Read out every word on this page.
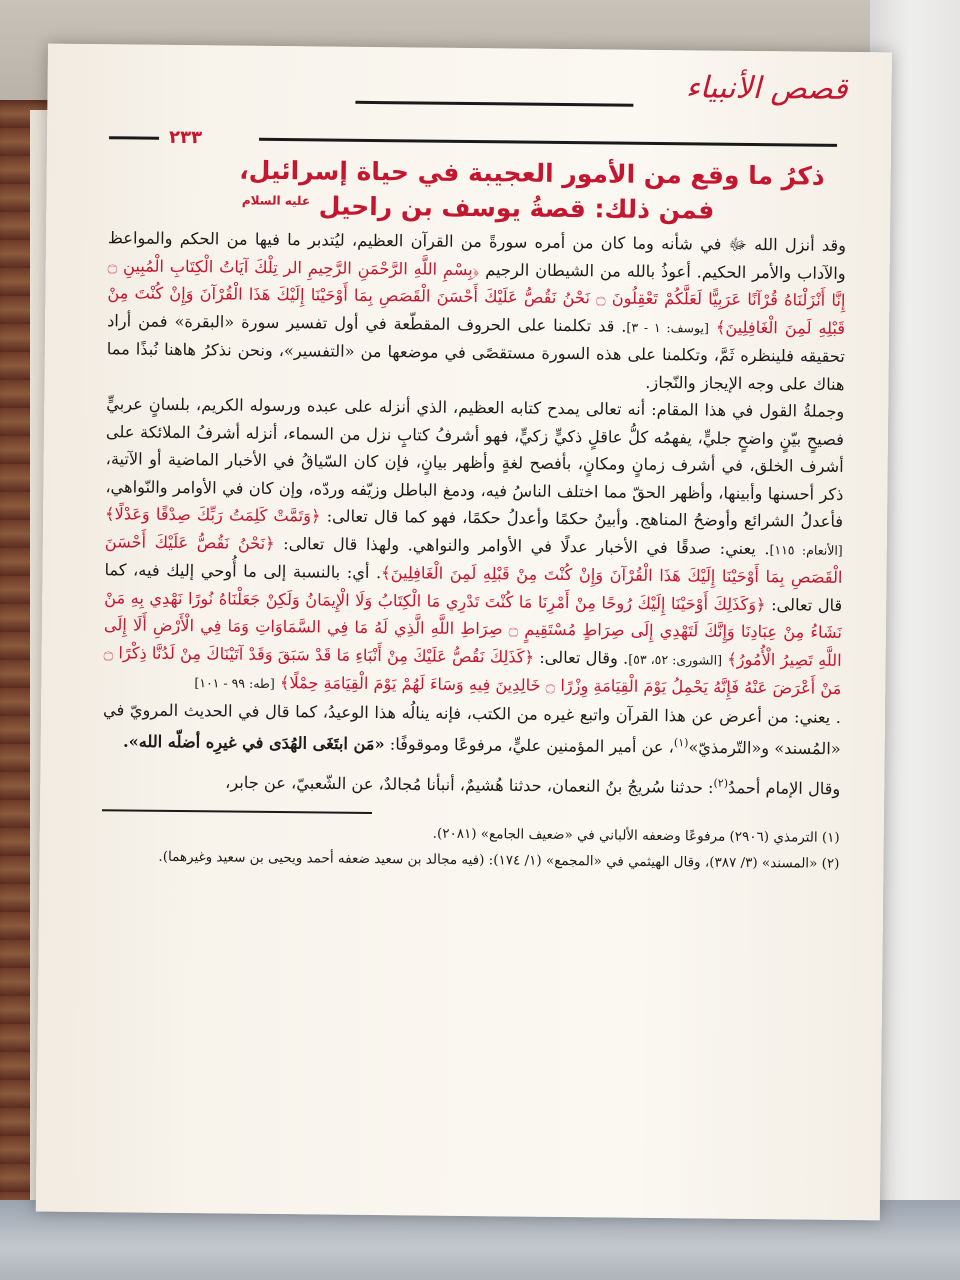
قصص الأنبياء
٢٣٣
ذكرُ ما وقع من الأمور العجيبة في حياة إسرائيل،
فمن ذلك: قصةُ يوسف بن راحيل $^{عليه السلام}$

وقد أنزل الله ﷻ في شأنه وما كان من أمره سورةً من القرآن العظيم، ليُتدبر ما فيها من الحكم والمواعظ والآداب والأمر الحكيم. أعوذُ بالله من الشيطان الرجيم ﴿بِسْمِ اللَّهِ الرَّحْمَنِ الرَّحِيمِ الر تِلْكَ آيَاتُ الْكِتَابِ الْمُبِينِ ۝ إِنَّا أَنْزَلْنَاهُ قُرْآنًا عَرَبِيًّا لَعَلَّكُمْ تَعْقِلُونَ ۝ نَحْنُ نَقُصُّ عَلَيْكَ أَحْسَنَ الْقَصَصِ بِمَا أَوْحَيْنَا إِلَيْكَ هَذَا الْقُرْآنَ وَإِنْ كُنْتَ مِنْ قَبْلِهِ لَمِنَ الْغَافِلِينَ﴾ [يوسف: ١ - ٣]. قد تكلمنا على الحروف المقطّعة في أول تفسير سورة «البقرة» فمن أراد تحقيقه فلينظره ثَمَّ، وتكلمنا على هذه السورة مستقصًى في موضعها من «التفسير»، ونحن نذكرُ هاهنا نُبذًا مما هناك على وجه الإيجاز والنّجاز.

وجملةُ القول في هذا المقام: أنه تعالى يمدح كتابه العظيم، الذي أنزله على عبده ورسوله الكريم، بلسانٍ عربيٍّ فصيحٍ بيّنٍ واضحٍ جليٍّ، يفهمُه كلُّ عاقلٍ ذكيٍّ زكيٍّ، فهو أشرفُ كتابٍ نزل من السماء، أنزله أشرفُ الملائكة على أشرف الخلق، في أشرف زمانٍ ومكانٍ، بأفصح لغةٍ وأظهر بيانٍ، فإن كان السّياقُ في الأخبار الماضية أو الآتية، ذكر أحسنها وأبينها، وأظهر الحقّ مما اختلف الناسُ فيه، ودمغ الباطل وزيّفه وردّه، وإن كان في الأوامر والنّواهي، فأعدلُ الشرائع وأوضحُ المناهج. وأبينُ حكمًا وأعدلُ حكمًا، فهو كما قال تعالى: ﴿وَتَمَّتْ كَلِمَتُ رَبِّكَ صِدْقًا وَعَدْلًا﴾ [الأنعام: ١١٥]. يعني: صدقًا في الأخبار عدلًا في الأوامر والنواهي. ولهذا قال تعالى: ﴿نَحْنُ نَقُصُّ عَلَيْكَ أَحْسَنَ الْقَصَصِ بِمَا أَوْحَيْنَا إِلَيْكَ هَذَا الْقُرْآنَ وَإِنْ كُنْتَ مِنْ قَبْلِهِ لَمِنَ الْغَافِلِينَ﴾. أي: بالنسبة إلى ما أُوحي إليك فيه، كما قال تعالى: ﴿وَكَذَلِكَ أَوْحَيْنَا إِلَيْكَ رُوحًا مِنْ أَمْرِنَا مَا كُنْتَ تَدْرِي مَا الْكِتَابُ وَلَا الْإِيمَانُ وَلَكِنْ جَعَلْنَاهُ نُورًا نَهْدِي بِهِ مَنْ نَشَاءُ مِنْ عِبَادِنَا وَإِنَّكَ لَتَهْدِي إِلَى صِرَاطٍ مُسْتَقِيمٍ ۝ صِرَاطِ اللَّهِ الَّذِي لَهُ مَا فِي السَّمَاوَاتِ وَمَا فِي الْأَرْضِ أَلَا إِلَى اللَّهِ تَصِيرُ الْأُمُورُ﴾ [الشورى: ٥٢، ٥٣]. وقال تعالى: ﴿كَذَلِكَ نَقُصُّ عَلَيْكَ مِنْ أَنْبَاءِ مَا قَدْ سَبَقَ وَقَدْ آتَيْنَاكَ مِنْ لَدُنَّا ذِكْرًا ۝ مَنْ أَعْرَضَ عَنْهُ فَإِنَّهُ يَحْمِلُ يَوْمَ الْقِيَامَةِ وِزْرًا ۝ خَالِدِينَ فِيهِ وَسَاءَ لَهُمْ يَوْمَ الْقِيَامَةِ حِمْلًا﴾ [طه: ٩٩ - ١٠١]

. يعني: من أعرض عن هذا القرآن واتبع غيره من الكتب، فإنه ينالُه هذا الوعيدُ، كما قال في الحديث المرويّ في «المُسند» و«التّرمذيّ»$^{(١)}$، عن أمير المؤمنين عليٍّ، مرفوعًا وموقوفًا: «مَن ابتَغَى الهُدَى في غيرِه أضلّه الله».

وقال الإمام أحمدُ$^{(٢)}$: حدثنا سُريجُ بنُ النعمان، حدثنا هُشيمٌ، أنبأنا مُجالدٌ، عن الشّعبيّ، عن جابر،

(١) الترمذي (٢٩٠٦) مرفوعًا وضعفه الألباني في «ضعيف الجامع» (٢٠٨١).

(٢) «المسند» (٣/ ٣٨٧)، وقال الهيثمي في «المجمع» (١/ ١٧٤): (فيه مجالد بن سعيد ضعفه أحمد ويحيى بن سعيد وغيرهما).
